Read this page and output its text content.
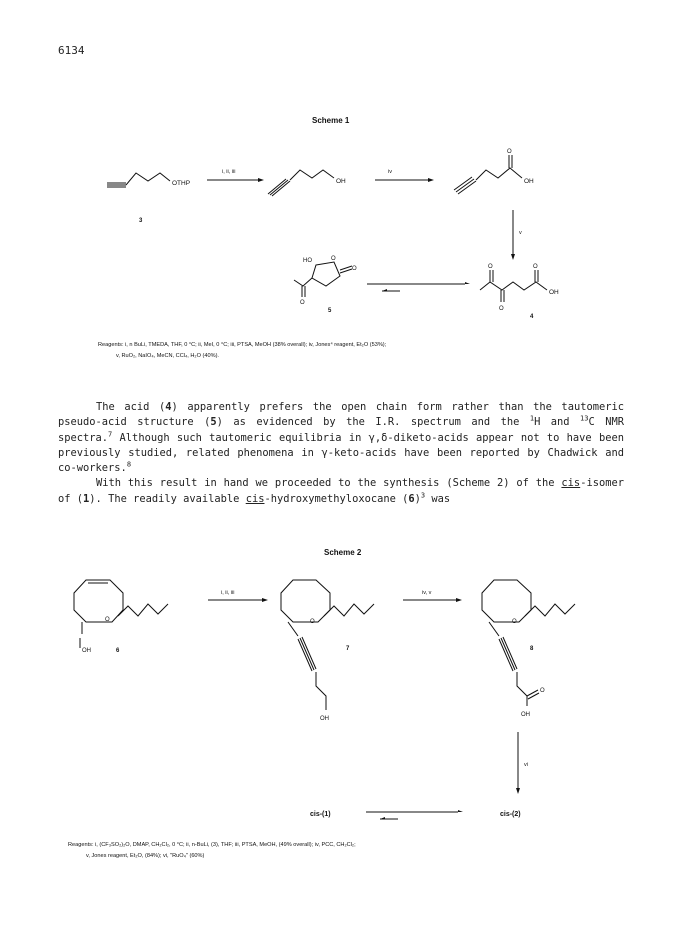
6134
Scheme 1
OTHP
3
i, ii, iii
OH
iv
O
OH
v
HO	O
O
O
5
O
O
O
OH
4
O
OH	6
i, ii, iii
O
OH
7
iv, v
O
O
OH
8
vi
cis-(1)	cis-(2)
Reagents: i, n BuLi, TMEDA, THF, 0 °C; ii, MeI, 0 °C; iii, PTSA, MeOH (38% overall); iv, Jones⁴ reagent, Et₂O (53%);
v, RuO₂, NaIO₄, MeCN, CCl₄, H₂O (40%).

The acid (4) apparently prefers the open chain form rather than the tautomeric pseudo-acid structure (5) as evidenced by the I.R. spectrum and the $^1$H and $^{13}$C NMR spectra.$^7$ Although such tautomeric equilibria in γ,δ-diketo-acids appear not to have been previously studied, related phenomena in γ-keto-acids have been reported by Chadwick and co-workers.$^8$

With this result in hand we proceeded to the synthesis (Scheme 2) of the cis-isomer of (1). The readily available cis-hydroxymethyloxocane $(6)^3$ was

Scheme 2
Reagents: i, (CF₃SO₂)₂O, DMAP, CH₂Cl₂, 0 °C; ii, n-BuLi, (3), THF; iii, PTSA, MeOH, (49% overall); iv, PCC, CH₂Cl₂;
v, Jones reagent, Et₂O, (84%); vi, "RuO₄" (60%)
